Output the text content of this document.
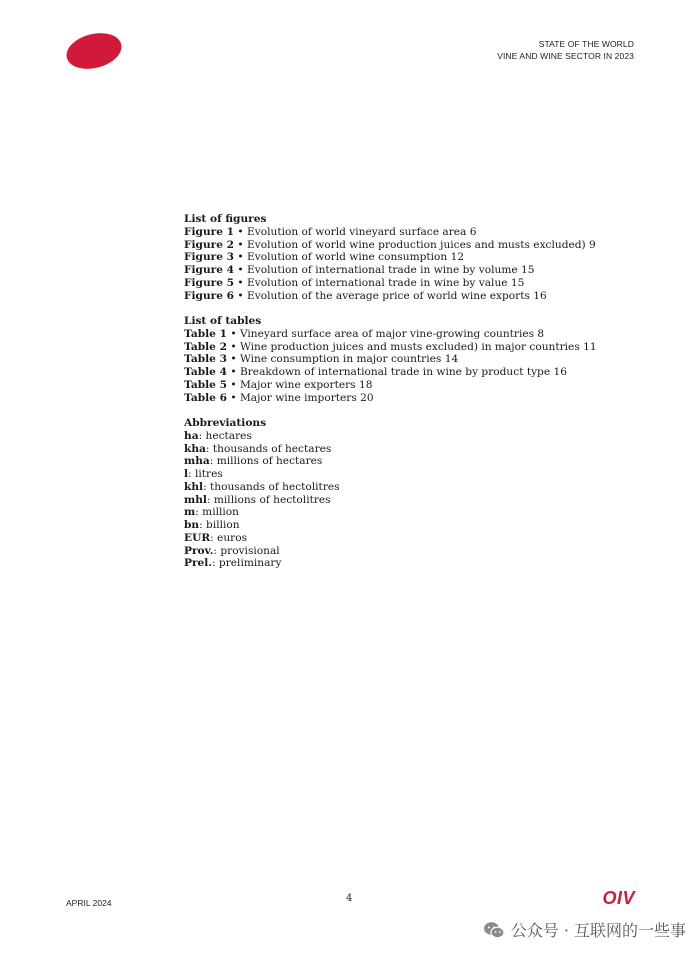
STATE OF THE WORLD
VINE AND WINE SECTOR IN 2023
List of figures
Figure 1 • Evolution of world vineyard surface area 6
Figure 2 • Evolution of world wine production juices and musts excluded) 9
Figure 3 • Evolution of world wine consumption 12
Figure 4 • Evolution of international trade in wine by volume 15
Figure 5 • Evolution of international trade in wine by value 15
Figure 6 • Evolution of the average price of world wine exports 16
List of tables
Table 1 • Vineyard surface area of major vine-growing countries 8
Table 2 • Wine production juices and musts excluded) in major countries 11
Table 3 • Wine consumption in major countries 14
Table 4 • Breakdown of international trade in wine by product type 16
Table 5 • Major wine exporters 18
Table 6 • Major wine importers 20
Abbreviations
ha: hectares
kha: thousands of hectares
mha: millions of hectares
l: litres
khl: thousands of hectolitres
mhl: millions of hectolitres
m: million
bn: billion
EUR: euros
Prov.: provisional
Prel.: preliminary
APRIL 2024	4	OIV
公众号 · 互联网的一些事
